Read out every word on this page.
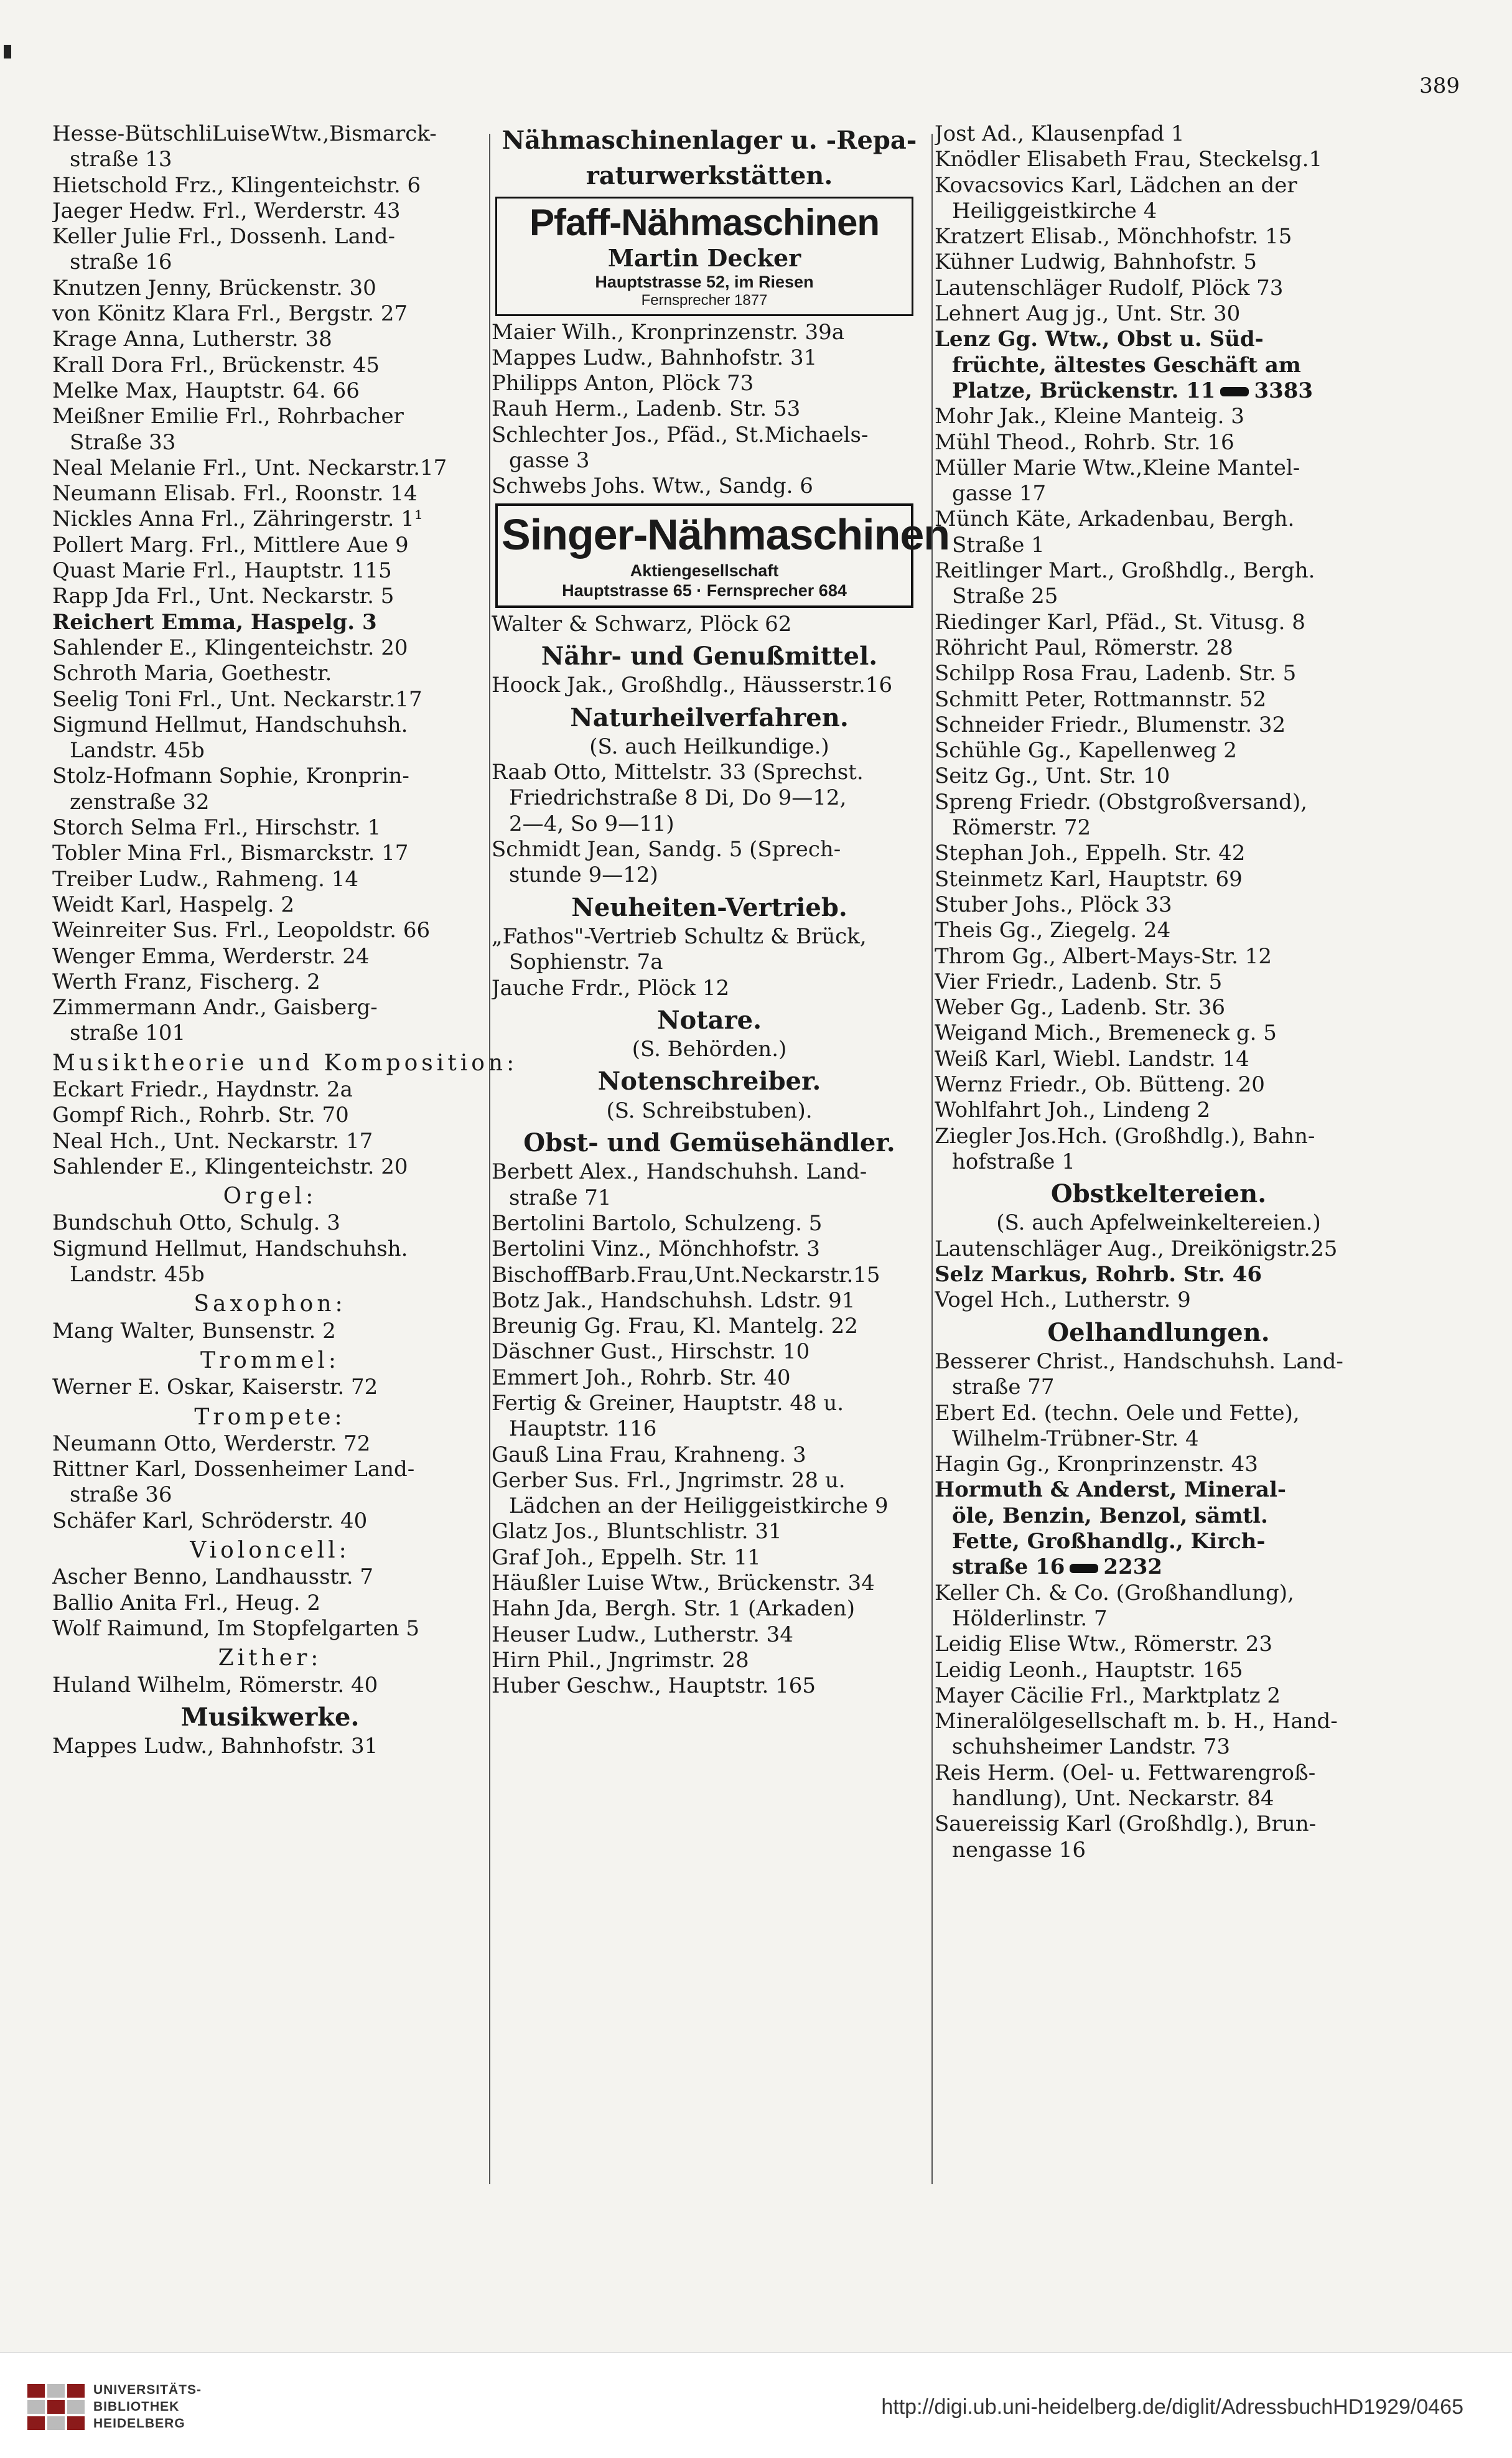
389
Hesse-BütschliLuiseWtw.,Bismarck-
straße 13
Hietschold Frz., Klingenteichstr. 6
Jaeger Hedw. Frl., Werderstr. 43
Keller Julie Frl., Dossenh. Land-
straße 16
Knutzen Jenny, Brückenstr. 30
von Könitz Klara Frl., Bergstr. 27
Krage Anna, Lutherstr. 38
Krall Dora Frl., Brückenstr. 45
Melke Max, Hauptstr. 64. 66
Meißner Emilie Frl., Rohrbacher
Straße 33
Neal Melanie Frl., Unt. Neckarstr.17
Neumann Elisab. Frl., Roonstr. 14
Nickles Anna Frl., Zähringerstr. 1¹
Pollert Marg. Frl., Mittlere Aue 9
Quast Marie Frl., Hauptstr. 115
Rapp Jda Frl., Unt. Neckarstr. 5
Reichert Emma, Haspelg. 3
Sahlender E., Klingenteichstr. 20
Schroth Maria, Goethestr.
Seelig Toni Frl., Unt. Neckarstr.17
Sigmund Hellmut, Handschuhsh.
Landstr. 45b
Stolz-Hofmann Sophie, Kronprin-
zenstraße 32
Storch Selma Frl., Hirschstr. 1
Tobler Mina Frl., Bismarckstr. 17
Treiber Ludw., Rahmeng. 14
Weidt Karl, Haspelg. 2
Weinreiter Sus. Frl., Leopoldstr. 66
Wenger Emma, Werderstr. 24
Werth Franz, Fischerg. 2
Zimmermann Andr., Gaisberg-
straße 101
Musiktheorie und Komposition:
Eckart Friedr., Haydnstr. 2a
Gompf Rich., Rohrb. Str. 70
Neal Hch., Unt. Neckarstr. 17
Sahlender E., Klingenteichstr. 20
Orgel:
Bundschuh Otto, Schulg. 3
Sigmund Hellmut, Handschuhsh.
Landstr. 45b
Saxophon:
Mang Walter, Bunsenstr. 2
Trommel:
Werner E. Oskar, Kaiserstr. 72
Trompete:
Neumann Otto, Werderstr. 72
Rittner Karl, Dossenheimer Land-
straße 36
Schäfer Karl, Schröderstr. 40
Violoncell:
Ascher Benno, Landhausstr. 7
Ballio Anita Frl., Heug. 2
Wolf Raimund, Im Stopfelgarten 5
Zither:
Huland Wilhelm, Römerstr. 40
Musikwerke.
Mappes Ludw., Bahnhofstr. 31
Nähmaschinenlager u. -Repa-
raturwerkstätten.
Pfaff-Nähmaschinen
Martin Decker
Hauptstrasse 52, im Riesen
Fernsprecher 1877
Maier Wilh., Kronprinzenstr. 39a
Mappes Ludw., Bahnhofstr. 31
Philipps Anton, Plöck 73
Rauh Herm., Ladenb. Str. 53
Schlechter Jos., Pfäd., St.Michaels-
gasse 3
Schwebs Johs. Wtw., Sandg. 6
Singer-Nähmaschinen
Aktiengesellschaft
Hauptstrasse 65 · Fernsprecher 684
Walter & Schwarz, Plöck 62
Nähr- und Genußmittel.
Hoock Jak., Großhdlg., Häusserstr.16
Naturheilverfahren.
(S. auch Heilkundige.)
Raab Otto, Mittelstr. 33 (Sprechst.
Friedrichstraße 8 Di, Do 9—12,
2—4, So 9—11)
Schmidt Jean, Sandg. 5 (Sprech-
stunde 9—12)
Neuheiten-Vertrieb.
„Fathos"-Vertrieb Schultz & Brück,
Sophienstr. 7a
Jauche Frdr., Plöck 12
Notare.
(S. Behörden.)
Notenschreiber.
(S. Schreibstuben).
Obst- und Gemüsehändler.
Berbett Alex., Handschuhsh. Land-
straße 71
Bertolini Bartolo, Schulzeng. 5
Bertolini Vinz., Mönchhofstr. 3
BischoffBarb.Frau,Unt.Neckarstr.15
Botz Jak., Handschuhsh. Ldstr. 91
Breunig Gg. Frau, Kl. Mantelg. 22
Däschner Gust., Hirschstr. 10
Emmert Joh., Rohrb. Str. 40
Fertig & Greiner, Hauptstr. 48 u.
Hauptstr. 116
Gauß Lina Frau, Krahneng. 3
Gerber Sus. Frl., Jngrimstr. 28 u.
Lädchen an der Heiliggeistkirche 9
Glatz Jos., Bluntschlistr. 31
Graf Joh., Eppelh. Str. 11
Häußler Luise Wtw., Brückenstr. 34
Hahn Jda, Bergh. Str. 1 (Arkaden)
Heuser Ludw., Lutherstr. 34
Hirn Phil., Jngrimstr. 28
Huber Geschw., Hauptstr. 165
Jost Ad., Klausenpfad 1
Knödler Elisabeth Frau, Steckelsg.1
Kovacsovics Karl, Lädchen an der
Heiliggeistkirche 4
Kratzert Elisab., Mönchhofstr. 15
Kühner Ludwig, Bahnhofstr. 5
Lautenschläger Rudolf, Plöck 73
Lehnert Aug jg., Unt. Str. 30
Lenz Gg. Wtw., Obst u. Süd-
früchte, ältestes Geschäft am
Platze, Brückenstr. 11 3383
Mohr Jak., Kleine Manteig. 3
Mühl Theod., Rohrb. Str. 16
Müller Marie Wtw.,Kleine Mantel-
gasse 17
Münch Käte, Arkadenbau, Bergh.
Straße 1
Reitlinger Mart., Großhdlg., Bergh.
Straße 25
Riedinger Karl, Pfäd., St. Vitusg. 8
Röhricht Paul, Römerstr. 28
Schilpp Rosa Frau, Ladenb. Str. 5
Schmitt Peter, Rottmannstr. 52
Schneider Friedr., Blumenstr. 32
Schühle Gg., Kapellenweg 2
Seitz Gg., Unt. Str. 10
Spreng Friedr. (Obstgroßversand),
Römerstr. 72
Stephan Joh., Eppelh. Str. 42
Steinmetz Karl, Hauptstr. 69
Stuber Johs., Plöck 33
Theis Gg., Ziegelg. 24
Throm Gg., Albert-Mays-Str. 12
Vier Friedr., Ladenb. Str. 5
Weber Gg., Ladenb. Str. 36
Weigand Mich., Bremeneck g. 5
Weiß Karl, Wiebl. Landstr. 14
Wernz Friedr., Ob. Bütteng. 20
Wohlfahrt Joh., Lindeng 2
Ziegler Jos.Hch. (Großhdlg.), Bahn-
hofstraße 1
Obstkeltereien.
(S. auch Apfelweinkeltereien.)
Lautenschläger Aug., Dreikönigstr.25
Selz Markus, Rohrb. Str. 46
Vogel Hch., Lutherstr. 9
Oelhandlungen.
Besserer Christ., Handschuhsh. Land-
straße 77
Ebert Ed. (techn. Oele und Fette),
Wilhelm-Trübner-Str. 4
Hagin Gg., Kronprinzenstr. 43
Hormuth & Anderst, Mineral-
öle, Benzin, Benzol, sämtl.
Fette, Großhandlg., Kirch-
straße 16 2232
Keller Ch. & Co. (Großhandlung),
Hölderlinstr. 7
Leidig Elise Wtw., Römerstr. 23
Leidig Leonh., Hauptstr. 165
Mayer Cäcilie Frl., Marktplatz 2
Mineralölgesellschaft m. b. H., Hand-
schuhsheimer Landstr. 73
Reis Herm. (Oel- u. Fettwarengroß-
handlung), Unt. Neckarstr. 84
Sauereissig Karl (Großhdlg.), Brun-
nengasse 16
UNIVERSITÄTS-
BIBLIOTHEK
HEIDELBERG
http://digi.ub.uni-heidelberg.de/diglit/AdressbuchHD1929/0465
